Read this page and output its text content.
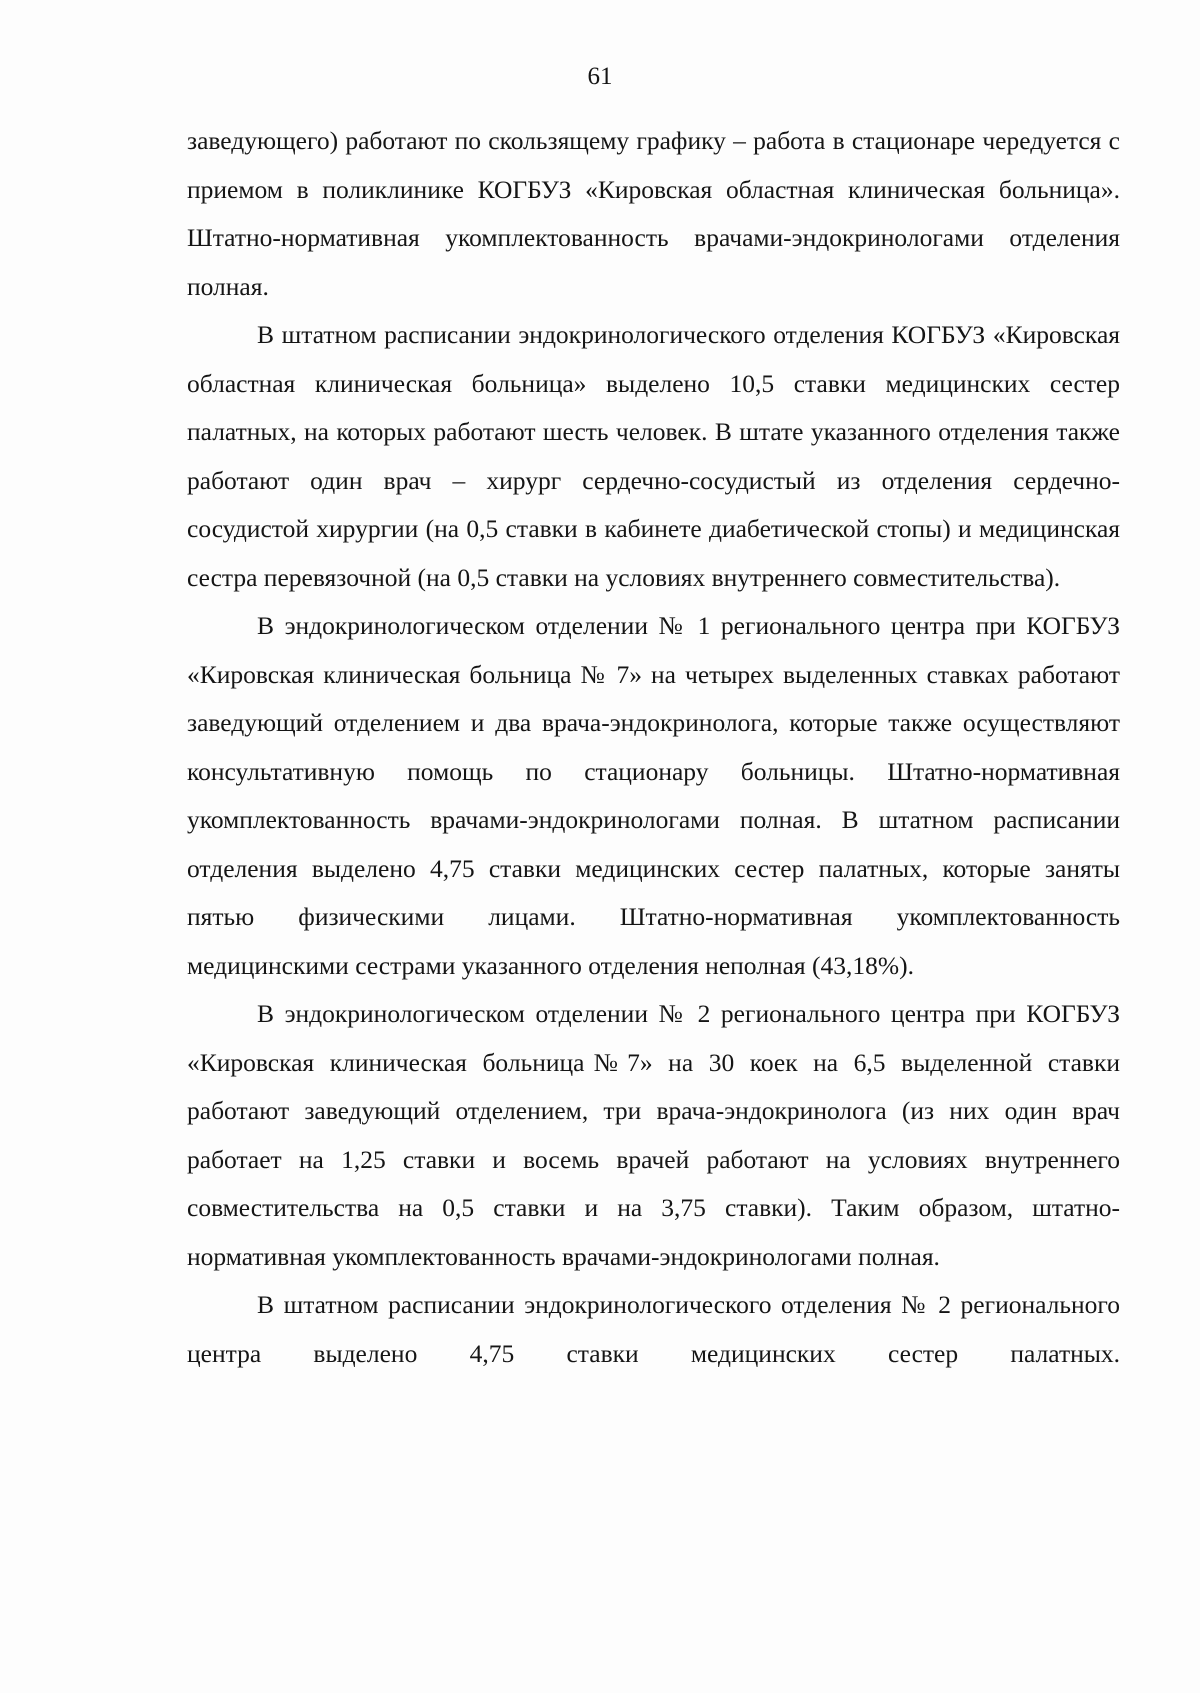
61

заведующего) работают по скользящему графику – работа в стационаре чередуется с приемом в поликлинике КОГБУЗ «Кировская областная клиническая больница». Штатно-нормативная укомплектованность врачами-эндокринологами отделения полная.

В штатном расписании эндокринологического отделения КОГБУЗ «Кировская областная клиническая больница» выделено 10,5 ставки медицинских сестер палатных, на которых работают шесть человек. В штате указанного отделения также работают один врач – хирург сердечно-сосудистый из отделения сердечно-сосудистой хирургии (на 0,5 ставки в кабинете диабетической стопы) и медицинская сестра перевязочной (на 0,5 ставки на условиях внутреннего совместительства).

В эндокринологическом отделении № 1 регионального центра при КОГБУЗ «Кировская клиническая больница № 7» на четырех выделенных ставках работают заведующий отделением и два врача-эндокринолога, которые также осуществляют консультативную помощь по стационару больницы. Штатно-нормативная укомплектованность врачами-эндокринологами полная. В штатном расписании отделения выделено 4,75 ставки медицинских сестер палатных, которые заняты пятью физическими лицами. Штатно-нормативная укомплектованность медицинскими сестрами указанного отделения неполная (43,18%).

В эндокринологическом отделении № 2 регионального центра при КОГБУЗ «Кировская клиническая больница№7» на 30 коек на 6,5 выделенной ставки работают заведующий отделением, три врача-эндокринолога (из них один врач работает на 1,25 ставки и восемь врачей работают на условиях внутреннего совместительства на 0,5 ставки и на 3,75 ставки). Таким образом, штатно-нормативная укомплектованность врачами-эндокринологами полная.

В штатном расписании эндокринологического отделения № 2 регионального центра выделено 4,75 ставки медицинских сестер палатных.
